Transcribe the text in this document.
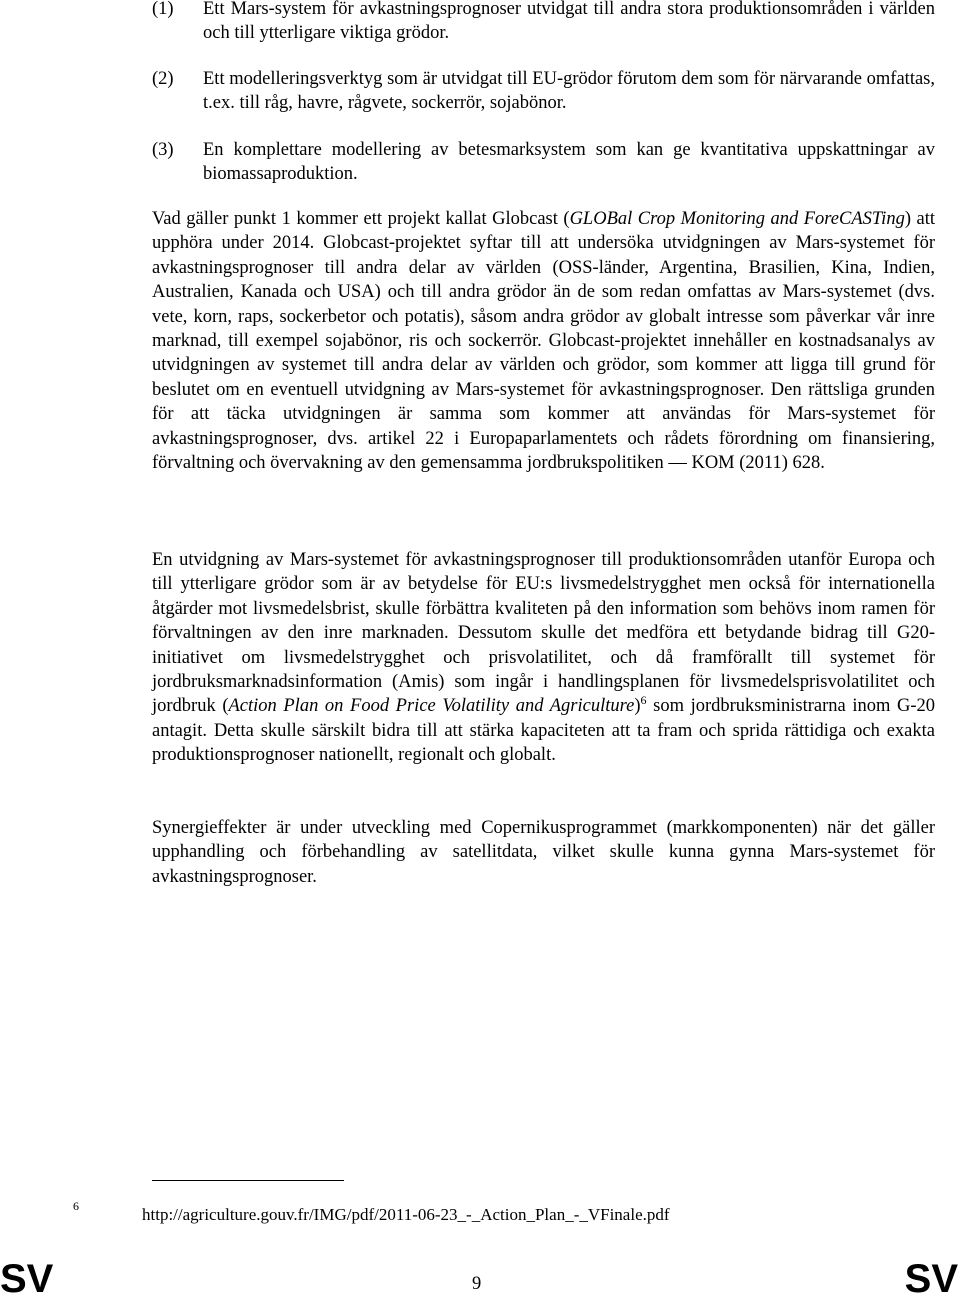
(1) Ett Mars-system för avkastningsprognoser utvidgat till andra stora produktionsområden i världen och till ytterligare viktiga grödor.
(2) Ett modelleringsverktyg som är utvidgat till EU-grödor förutom dem som för närvarande omfattas, t.ex. till råg, havre, rågvete, sockerrör, sojabönor.
(3) En komplettare modellering av betesmarksystem som kan ge kvantitativa uppskattningar av biomassaproduktion.

Vad gäller punkt 1 kommer ett projekt kallat Globcast (GLOBal Crop Monitoring and ForeCASTing) att upphöra under 2014. Globcast-projektet syftar till att undersöka utvidgningen av Mars-systemet för avkastningsprognoser till andra delar av världen (OSS-länder, Argentina, Brasilien, Kina, Indien, Australien, Kanada och USA) och till andra grödor än de som redan omfattas av Mars-systemet (dvs. vete, korn, raps, sockerbetor och potatis), såsom andra grödor av globalt intresse som påverkar vår inre marknad, till exempel sojabönor, ris och sockerrör. Globcast-projektet innehåller en kostnadsanalys av utvidgningen av systemet till andra delar av världen och grödor, som kommer att ligga till grund för beslutet om en eventuell utvidgning av Mars-systemet för avkastningsprognoser. Den rättsliga grunden för att täcka utvidgningen är samma som kommer att användas för Mars-systemet för avkastningsprognoser, dvs. artikel 22 i Europaparlamentets och rådets förordning om finansiering, förvaltning och övervakning av den gemensamma jordbrukspolitiken — KOM (2011) 628.

En utvidgning av Mars-systemet för avkastningsprognoser till produktionsområden utanför Europa och till ytterligare grödor som är av betydelse för EU:s livsmedelstrygghet men också för internationella åtgärder mot livsmedelsbrist, skulle förbättra kvaliteten på den information som behövs inom ramen för förvaltningen av den inre marknaden. Dessutom skulle det medföra ett betydande bidrag till G20-initiativet om livsmedelstrygghet och prisvolatilitet, och då framförallt till systemet för jordbruksmarknadsinformation (Amis) som ingår i handlingsplanen för livsmedelsprisvolatilitet och jordbruk (Action Plan on Food Price Volatility and Agriculture)$^6$ som jordbruksministrarna inom G-20 antagit. Detta skulle särskilt bidra till att stärka kapaciteten att ta fram och sprida rättidiga och exakta produktionsprognoser nationellt, regionalt och globalt.

Synergieffekter är under utveckling med Copernikusprogrammet (markkomponenten) när det gäller upphandling och förbehandling av satellitdata, vilket skulle kunna gynna Mars-systemet för avkastningsprognoser.

6	http://agriculture.gouv.fr/IMG/pdf/2011-06-23_-_Action_Plan_-_VFinale.pdf
SV	9	SV
